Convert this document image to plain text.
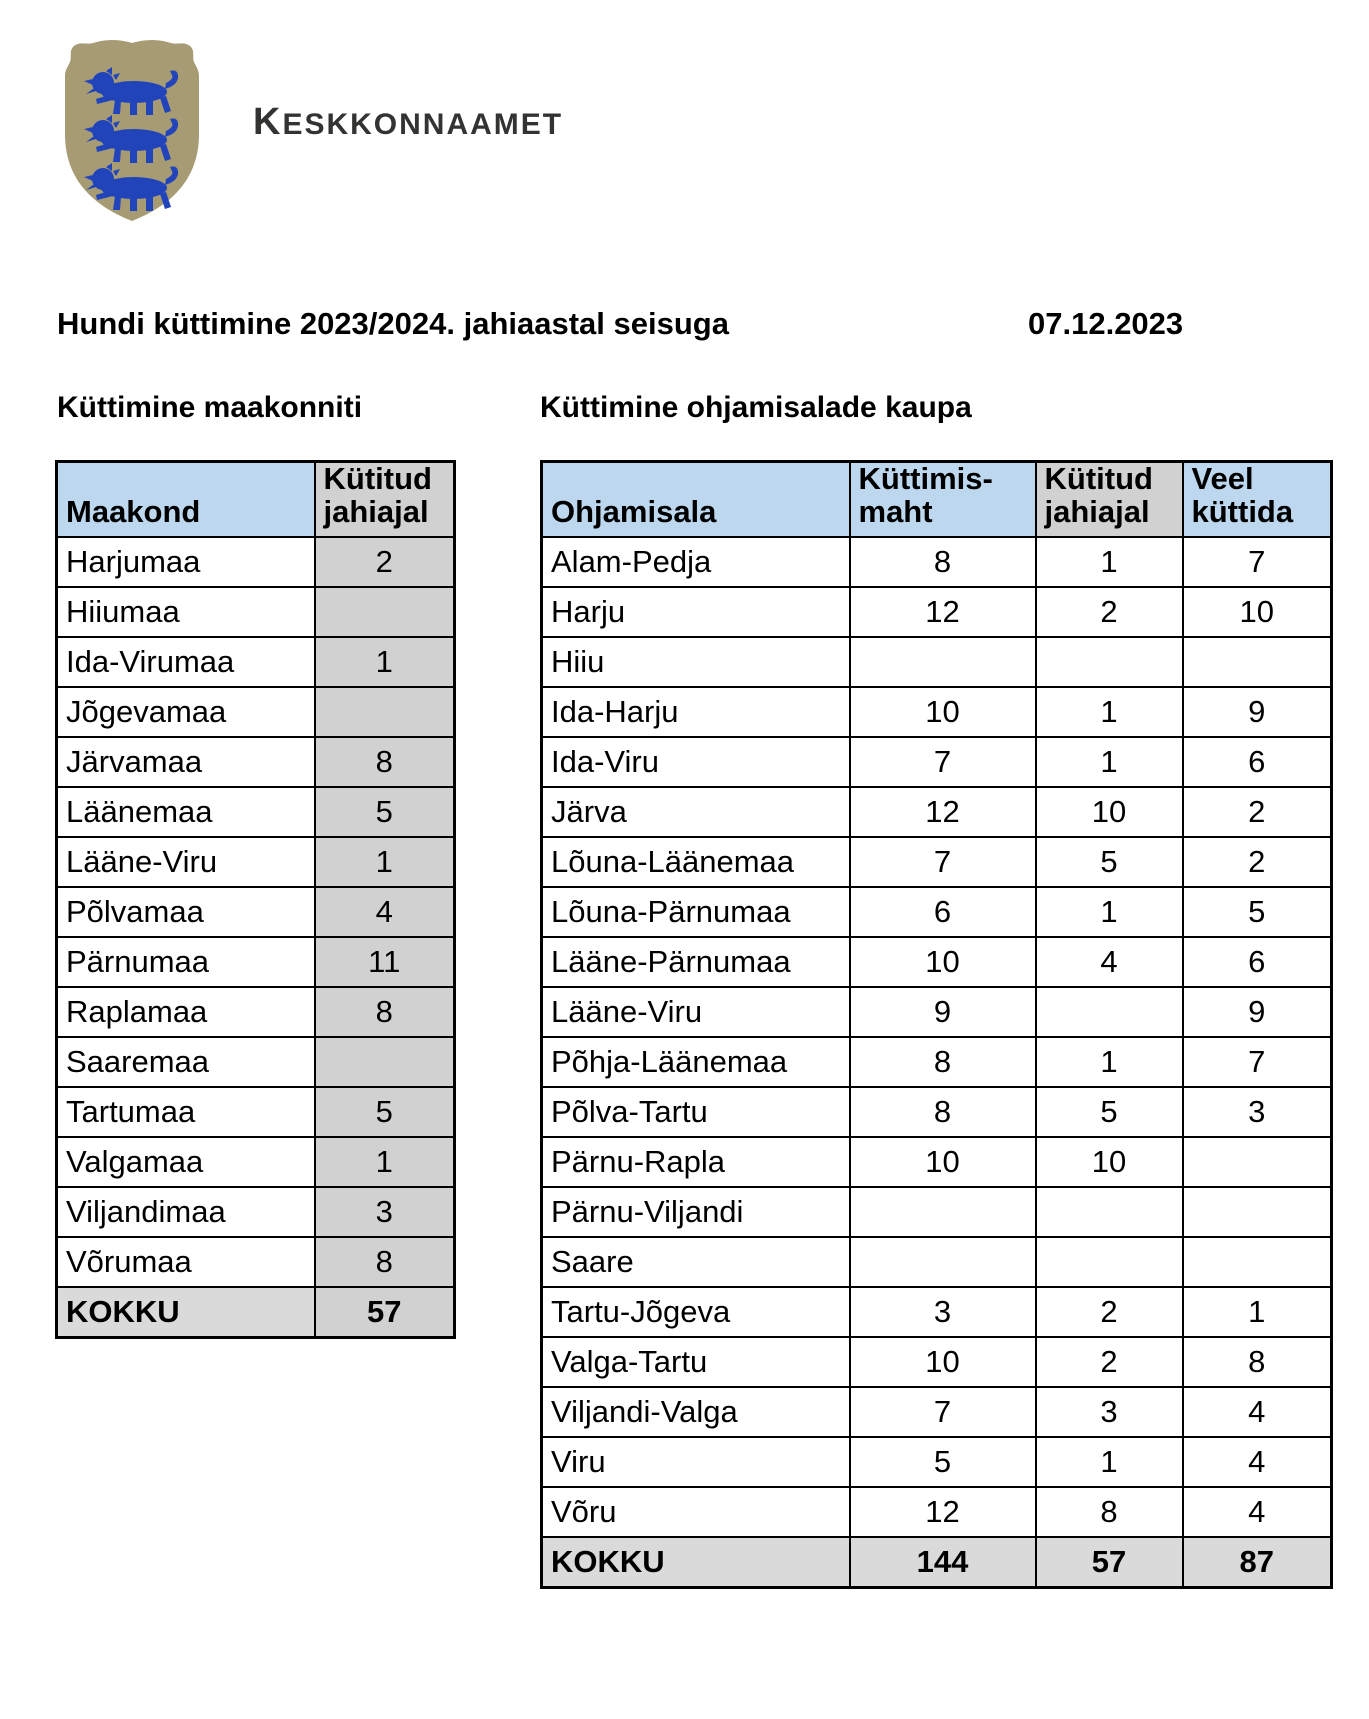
KESKKONNAAMET
Hundi küttimine 2023/2024. jahiaastal seisuga	07.12.2023
Küttimine maakonniti	Küttimine ohjamisalade kaupa
Maakond	Kütitud jahiajal
Harjumaa	2
Hiiumaa	
Ida-Virumaa	1
Jõgevamaa	
Järvamaa	8
Läänemaa	5
Lääne-Viru	1
Põlvamaa	4
Pärnumaa	11
Raplamaa	8
Saaremaa	
Tartumaa	5
Valgamaa	1
Viljandimaa	3
Võrumaa	8
KOKKU	57
Ohjamisala	Küttimis-maht	Kütitud jahiajal	Veel küttida
Alam-Pedja	8	1	7
Harju	12	2	10
Hiiu			
Ida-Harju	10	1	9
Ida-Viru	7	1	6
Järva	12	10	2
Lõuna-Läänemaa	7	5	2
Lõuna-Pärnumaa	6	1	5
Lääne-Pärnumaa	10	4	6
Lääne-Viru	9		9
Põhja-Läänemaa	8	1	7
Põlva-Tartu	8	5	3
Pärnu-Rapla	10	10	
Pärnu-Viljandi			
Saare			
Tartu-Jõgeva	3	2	1
Valga-Tartu	10	2	8
Viljandi-Valga	7	3	4
Viru	5	1	4
Võru	12	8	4
KOKKU	144	57	87
